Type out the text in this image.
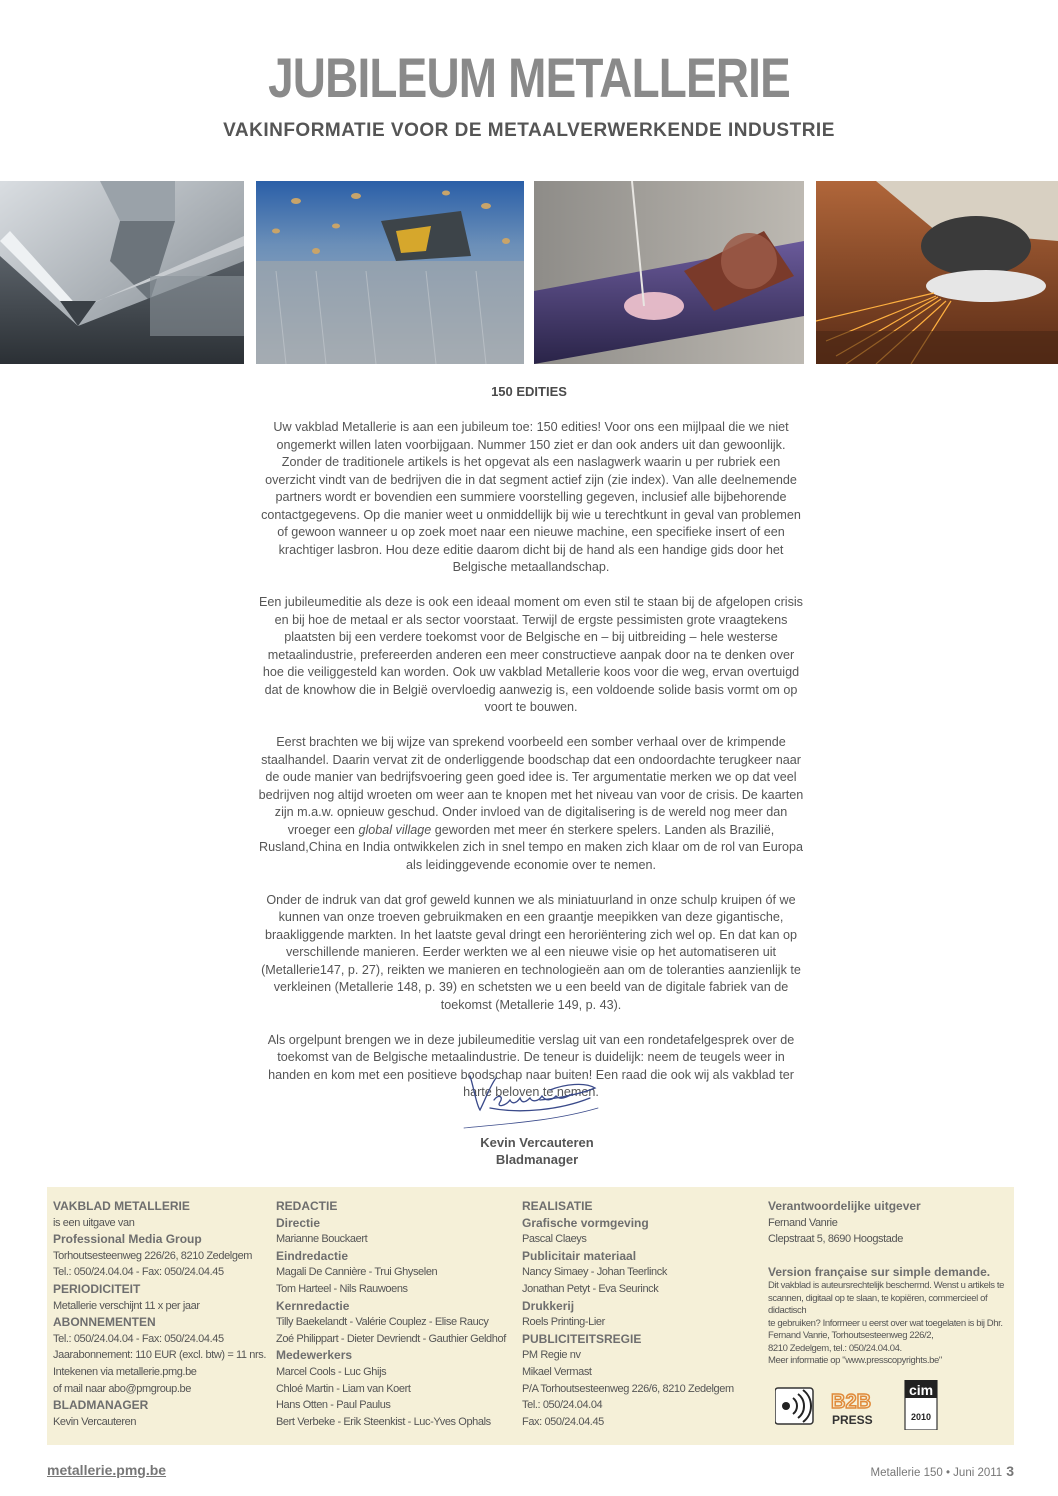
JUBILEUM METALLERIE
VAKINFORMATIE VOOR DE METAALVERWERKENDE INDUSTRIE
150 EDITIES

Uw vakblad Metallerie is aan een jubileum toe: 150 edities! Voor ons een mijlpaal die we niet ongemerkt willen laten voorbijgaan. Nummer 150 ziet er dan ook anders uit dan gewoonlijk. Zonder de traditionele artikels is het opgevat als een naslagwerk waarin u per rubriek een overzicht vindt van de bedrijven die in dat segment actief zijn (zie index). Van alle deelnemende partners wordt er bovendien een summiere voorstelling gegeven, inclusief alle bijbehorende contactgegevens. Op die manier weet u onmiddellijk bij wie u terechtkunt in geval van problemen of gewoon wanneer u op zoek moet naar een nieuwe machine, een specifieke insert of een krachtiger lasbron. Hou deze editie daarom dicht bij de hand als een handige gids door het Belgische metaallandschap.

Een jubileumeditie als deze is ook een ideaal moment om even stil te staan bij de afgelopen crisis en bij hoe de metaal er als sector voorstaat. Terwijl de ergste pessimisten grote vraagtekens plaatsten bij een verdere toekomst voor de Belgische en – bij uitbreiding – hele westerse metaalindustrie, prefereerden anderen een meer constructieve aanpak door na te denken over hoe die veiliggesteld kan worden. Ook uw vakblad Metallerie koos voor die weg, ervan overtuigd dat de knowhow die in België overvloedig aanwezig is, een voldoende solide basis vormt om op voort te bouwen.

Eerst brachten we bij wijze van sprekend voorbeeld een somber verhaal over de krimpende staalhandel. Daarin vervat zit de onderliggende boodschap dat een ondoordachte terugkeer naar de oude manier van bedrijfsvoering geen goed idee is. Ter argumentatie merken we op dat veel bedrijven nog altijd wroeten om weer aan te knopen met het niveau van voor de crisis. De kaarten zijn m.a.w. opnieuw geschud. Onder invloed van de digitalisering is de wereld nog meer dan vroeger een global village geworden met meer én sterkere spelers. Landen als Brazilië, Rusland,China en India ontwikkelen zich in snel tempo en maken zich klaar om de rol van Europa als leidinggevende economie over te nemen.

Onder de indruk van dat grof geweld kunnen we als miniatuurland in onze schulp kruipen óf we kunnen van onze troeven gebruikmaken en een graantje meepikken van deze gigantische, braakliggende markten. In het laatste geval dringt een heroriëntering zich wel op. En dat kan op verschillende manieren. Eerder werkten we al een nieuwe visie op het automatiseren uit (Metallerie147, p. 27), reikten we manieren en technologieën aan om de toleranties aanzienlijk te verkleinen (Metallerie 148, p. 39) en schetsten we u een beeld van de digitale fabriek van de toekomst (Metallerie 149, p. 43).

Als orgelpunt brengen we in deze jubileumeditie verslag uit van een rondetafelgesprek over de toekomst van de Belgische metaalindustrie. De teneur is duidelijk: neem de teugels weer in handen en kom met een positieve boodschap naar buiten! Een raad die ook wij als vakblad ter harte beloven te nemen.

Kevin Vercauteren
Bladmanager
VAKBLAD METALLERIE
is een uitgave van
Professional Media Group
Torhoutsesteenweg 226/26, 8210 Zedelgem
Tel.: 050/24.04.04 - Fax: 050/24.04.45
PERIODICITEIT
Metallerie verschijnt 11 x per jaar
ABONNEMENTEN
Tel.: 050/24.04.04 - Fax: 050/24.04.45
Jaarabonnement: 110 EUR (excl. btw) = 11 nrs.
Intekenen via metallerie.pmg.be
of mail naar abo@pmgroup.be
BLADMANAGER
Kevin Vercauteren
REDACTIE
Directie
Marianne Bouckaert
Eindredactie
Magali De Cannière - Trui Ghyselen
Tom Harteel - Nils Rauwoens
Kernredactie
Tilly Baekelandt - Valérie Couplez - Elise Raucy
Zoé Philippart - Dieter Devriendt - Gauthier Geldhof
Medewerkers
Marcel Cools - Luc Ghijs
Chloé Martin - Liam van Koert
Hans Otten - Paul Paulus
Bert Verbeke - Erik Steenkist - Luc-Yves Ophals
REALISATIE
Grafische vormgeving
Pascal Claeys
Publicitair materiaal
Nancy Simaey - Johan Teerlinck
Jonathan Petyt - Eva Seurinck
Drukkerij
Roels Printing-Lier
PUBLICITEITSREGIE
PM Regie nv
Mikael Vermast
P/A Torhoutsesteenweg 226/6, 8210 Zedelgem
Tel.: 050/24.04.04
Fax: 050/24.04.45
Verantwoordelijke uitgever
Fernand Vanrie
Clepstraat 5, 8690 Hoogstade
Version française sur simple demande.
Dit vakblad is auteursrechtelijk beschermd. Wenst u artikels te
scannen, digitaal op te slaan, te kopiëren, commercieel of didactisch
te gebruiken? Informeer u eerst over wat toegelaten is bij Dhr.
Fernand Vanrie, Torhoutsesteenweg 226/2,
8210 Zedelgem, tel.: 050/24.04.04.
Meer informatie op "www.presscopyrights.be"
B2B
PRESS
cim
2010
metallerie.pmg.be	Metallerie 150 • Juni 2011 3
